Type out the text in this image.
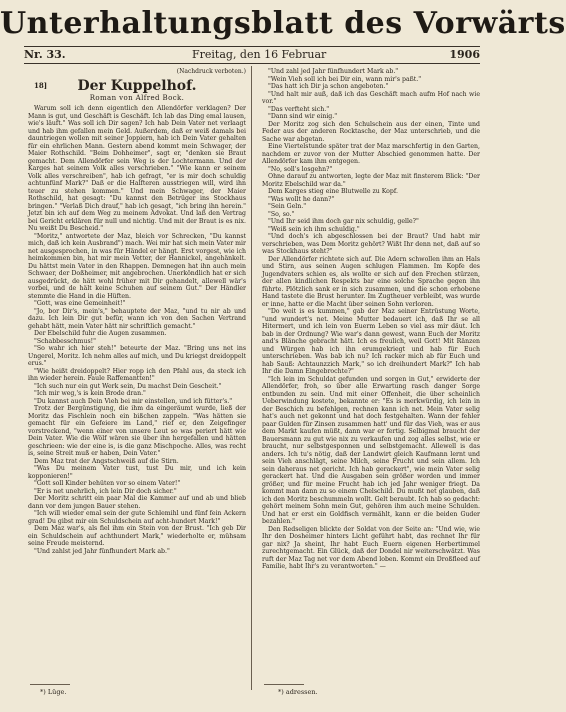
Unterhaltungsblatt des Vorwärts
Nr. 33.	Freitag, den 16 Februar	1906
(Nachdruck verboten.)
18]	Der Kuppelhof.
Roman von Alfred Bock.

Warum soll ich denn eigentlich den Allendörfer verklagen? Der Mann is gut, und Geschäft is Geschäft. Ich lab das Ding emal lausen, wie's läuft." Was soll ich Dir sagen? Ich hab Dein Vater net verlaagt und hab ihm gefallen mein Geld. Außerdem, daß er weiß damals bei dauntriegen wollen mit seiner Joppiern, hab ich Dein Vater gehalten für ein ehrlichen Mann. Gestern abend kommt mein Schwager, der Maier Rothschild. "Beim Dohheimer", sagt er, "denken sie Braut gemacht. Dem Allendörfer sein Weg is der Lochtermann. Und der Karges hat seinem Volk alles verschrieben." "Wie kann er seinem Volk alles verschreiben", hab ich gefragt, "er is mir doch schuldig achtunfünf Mark?" Daß er die Halfteren ausstriegen will, wird ihn teuer zu stehen kommen." Und mein Schwager, der Maier Rothschild, hat gesagt: "Du kannst den Betrüger ins Stockhaus bringen." "Verlaß Dich drauf," hab ich gesagt, "ich bring ihn herein." Jetzt bin ich auf dem Weg zu meinem Advokat. Und laß den Vertrag bei Gericht erklären für null und nichtig. Und mit der Braut is es nix. Nu weißt Du Bescheid."

"Moritz," antwortete der Maz, bleich vor Schrecken, "Du kannst mich, daß ich kein Ausbrand") mach. Wei mir hat sich mein Vater mir net ausgesprochen, in was für Händel er hängt. Erst vorgest, wie ich heimkommen bin, hat mir mein Vetter, der Hannickel, angehänkelt. Du hättst mein Vater in den Rhappen. Demnegen hat ihn auch mein Schwaer, der Doßheimer, mit angebrochen. Unerköndlich hat er sich ausgedrückt, de hätt wohl früher mit Dir gehandelt, allewell wär's vorbei, und de hält keine Schuhen auf seinem Gut." Der Händler stemmte die Hand in die Hüften.

"Gott, was eine Gemeinheit!"

"Jo, bor Dir's, mein's," behauptete der Maz, "und tu nir ab und dazu. Ich lein Dir gut befür, wann ich von den Sachen Vertrand gehabt hätt, mein Vater hätt nir schriftlich gemacht."

Der Ebelschild fuhr die Augen zusammen.

"Schabbesschmus!"

"So wahr ich hier steh!" beteurte der Maz. "Bring uns net ins Ungerel, Moritz. Ich nehm alles auf mich, und Du kriegst dreidoppelt erus."

"Wie heißt dreidoppelt? Hier ropp ich den Pfahl aus, da steck ich ihn wieder herein. Faule Raffemantten!"

"Ich such nur ein gut Werk sein, Du machst Dein Gescheit."

"Ich mir weg,'s is kein Brode dran."

"Du kannst auch Dein Vieh bei mir einstellen, und ich fütter's."

Trotz der Bergünstigung, die ihm da eingeräumt wurde, ließ der Moritz das Fischlein noch ein bißchen zappeln. "Was hätten sie gemacht für ein Gefeiere im Land," rief er, den Zeigefinger vorstreckend, "wenn einer von unsere Leut so was periert hätt wie Dein Vater. Wie die Wölf wären sie über ihn hergefallen und hätten geschrieen: wie der eine is, is die ganz Mischpoche. Alles, was recht is, seine Streit muß er haben, Dein Vater."

Dem Maz trat der Angstschweiß auf die Stirn.

"Was Du meinem Vater tust, tust Du mir, und ich kein kopponieren!"

"Gott soll Kinder behüten vor so einem Vater!"

"Er is net unehrlich, ich lein Dir doch sicher."

Der Moritz schritt ein paar Mal die Kammer auf und ab und blieb dann vor dem jungen Bauer stehen.

"Ich will wieder emal sein der gute Schlemihl und fünf fein Ackern grad! Du gibst mir ein Schuldschein auf acht-hundert Mark!"

Dem Maz war's, als fiel ihm ein Stein von der Brust. "Ich geb Dir ein Schuldschein auf achthundert Mark," wiederholte er, mühsam seine Freude meisternd.

"Und zahlst jed Jahr fünfhundert Mark ab."

"Und zahl jed Jahr fünfhundert Mark ab."

"Wein Vieh soll ich bei Dir ein, wann mir's paßt."

"Das hatt ich Dir ja schon angeboten."

"Und halt mir auß, daß ich das Geschäft mach aufm Hof nach wie vor."

"Das verfteht sich."

"Dann sind wir einig."

Der Moritz zog sich den Schulschein aus der einen, Tinte und Feder aus der anderen Rocktasche, der Maz unterschrieb, und die Sache war abgetan.

Eine Viertelstunde später trat der Maz marschfertig in den Garten, nachdem er zuvor von der Mutter Abschied genommen hatte. Der Allendörfer kam ihm entgegen.

"No, soll's losgehn?"

Ohne darauf zu antworten, legte der Maz mit finsterem Blick: "Der Moritz Ebelschild war da."

Dem Karges stieg eine Blutwelle zu Kopf.

"Was wollt he dann?"

"Sein Geln."

"So, so."

"Und Ihr seid ihm doch gar nix schuldig, gelle?"

"Weiß sein ich ihm schuldig."

"Und doch's ich abgeschlossen bei der Braut? Und habt mir verschrieben, was Dem Moritz gehört? Wißt Ihr denn net, daß auf so was Stockhaus steht?"

Der Allendörfer richtete sich auf. Die Adern schwollen ihm an Hals und Stirn, aus seinen Augen schlugen Flammen. Im Kopfe des Jugendvaters schien es, als wollte er sich auf den Frechen stürzen, der allen kindlichen Respekts bar eine solche Sprache gegen ihn führte. Plötzlich sank er in sich zusammen, und die schon erhobene Hand tastete die Brust herunter. Im Zugtheuer verbleibt, was wurde er inne, hatte er die Macht über seinen Sohn verloren.

"Do weit is es kummen," gab der Maz seiner Entrüstung Worte, "und wundert's net. Meine Mutter bedauert ich, daß Ihr se all Hitermert, und ich lein von Euerm Leben so viel ass mir däut. Ich bab in der Ordnung? Wie war's dann gewest, wann Euch der Moritz and's Blänche gebracht hätt. Ich es freulich, weil Gott! Mit Ränzen und Würgen hab ich ihn erumgekriegt und hab für Euch unterschrieben. Was bab ich nu? Ich racker mich ab für Euch und hab Sauß: Achtaunzzich Mark," so ich dreihundert Mark?" Ich hab Ihr die Damn Eingebrochte?"

"Ich lein im Schuldat gefunden und sorgen in Gut," erwiderte der Allendörfer, froh, so über alle Erwartung rasch danger Sorge entbunden zu sein. Und mit einer Offenheit, die über scheinlich Ueberwindung kostete, bekannte er: "Es is merkwürdig, ich lein in der Beschich zu befehlgen, rechnen kann ich net. Mein Vater selig hat's auch net gekonnt und hat doch festgehalten. Wann der fehler paar Gulden für Zinsen zusammen hatt' und für das Vieh, was er aus dem Markt kaufen müßt, dann war er fertig. Selbigmal braucht der Bauersmann zu gut wie nix zu verkaufen und zog alles selbst, wie er braucht, nur selbstgesponnen und selbstgemacht. Allewell is das anders. Ich tu's nötig, daß der Landwirt gleich Kaufmann lernt und sein Vieh anschlägt, seine Milch, seine Frucht und sein allem. Ich sein daheraus net gericht. Ich hab gerackert", wie mein Vater selig gerackert hat. Und die Ausgaben sein größer worden und immer größer, und für meine Frucht hab ich jed Jahr weniger friegt. Da kommt man dann zu so einem Chelschild. Du mußt net glauben, daß ich den Moritz beschummeln wollt. Gelt beraubt. Ich hab so gedacht: gehört meinem Sohn mein Gut, gehören ihm auch meine Schulden. Und hat er erst ein Goldfisch vermählt, kann er die beiden Guder bezahlen."

Den Redseligen blickte der Soldat von der Seite an: "Und wie, wie Ihr den Dosheimer hinters Licht geführt habt, das rechnet Ihr für gar nix? Ja sheint, Ihr habt Euch Euern eigenen Herbertimmel zurechtgemacht. Ein Glück, daß der Dondel nir weiterschwätzt. Was ruft der Maz Tag net vor dem Abend loben. Kommt ein Droßfleed auf Familie, habt Ihr's zu verantworten." —

*) Lüge.	*) adressen.
